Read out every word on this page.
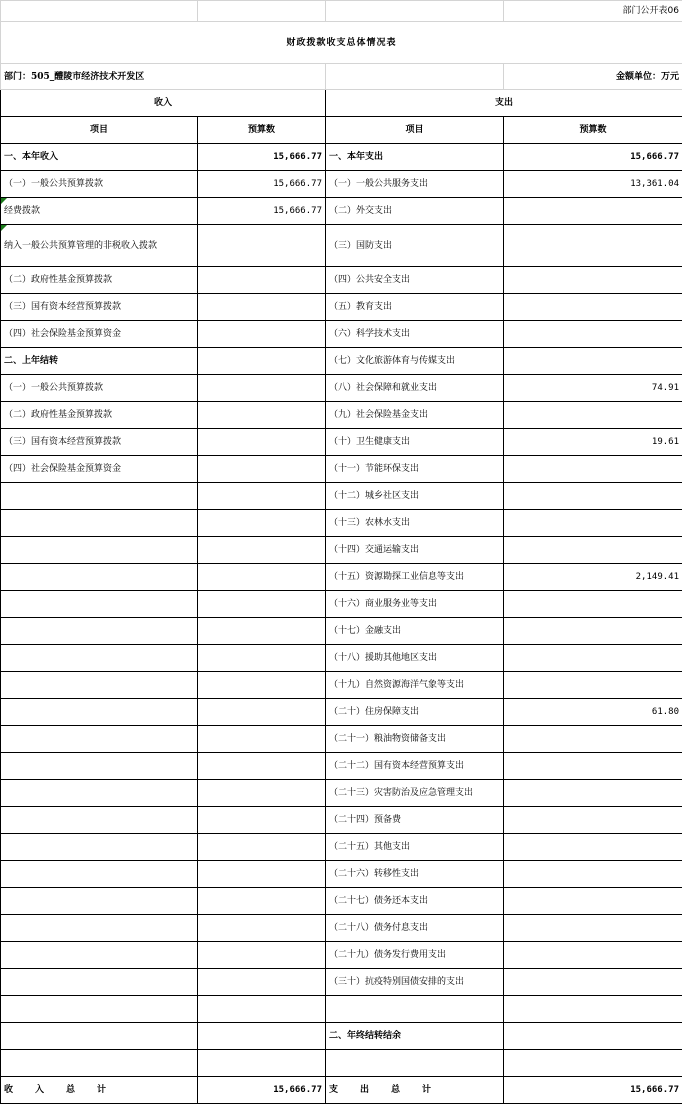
			部门公开表06
财政拨款收支总体情况表			
部门：505_醴陵市经济技术开发区			金额单位：万元
收入		支出	
项目	预算数	项目	预算数
一、本年收入	15,666.77	一、本年支出	15,666.77
（一）一般公共预算拨款	15,666.77	（一）一般公共服务支出	13,361.04
经费拨款	15,666.77	（二）外交支出	
纳入一般公共预算管理的非税收入拨款		（三）国防支出	
（二）政府性基金预算拨款		（四）公共安全支出	
（三）国有资本经营预算拨款		（五）教育支出	
（四）社会保险基金预算资金		（六）科学技术支出	
二、上年结转		（七）文化旅游体育与传媒支出	
（一）一般公共预算拨款		（八）社会保障和就业支出	74.91
（二）政府性基金预算拨款		（九）社会保险基金支出	
（三）国有资本经营预算拨款		（十）卫生健康支出	19.61
（四）社会保险基金预算资金		（十一）节能环保支出	
		（十二）城乡社区支出	
		（十三）农林水支出	
		（十四）交通运输支出	
		（十五）资源勘探工业信息等支出	2,149.41
		（十六）商业服务业等支出	
		（十七）金融支出	
		（十八）援助其他地区支出	
		（十九）自然资源海洋气象等支出	
		（二十）住房保障支出	61.80
		（二十一）粮油物资储备支出	
		（二十二）国有资本经营预算支出	
		（二十三）灾害防治及应急管理支出	
		（二十四）预备费	
		（二十五）其他支出	
		（二十六）转移性支出	
		（二十七）债务还本支出	
		（二十八）债务付息支出	
		（二十九）债务发行费用支出	
		（三十）抗疫特别国债安排的支出	

		二、年终结转结余	

收入总计	15,666.77	支出总计	15,666.77
